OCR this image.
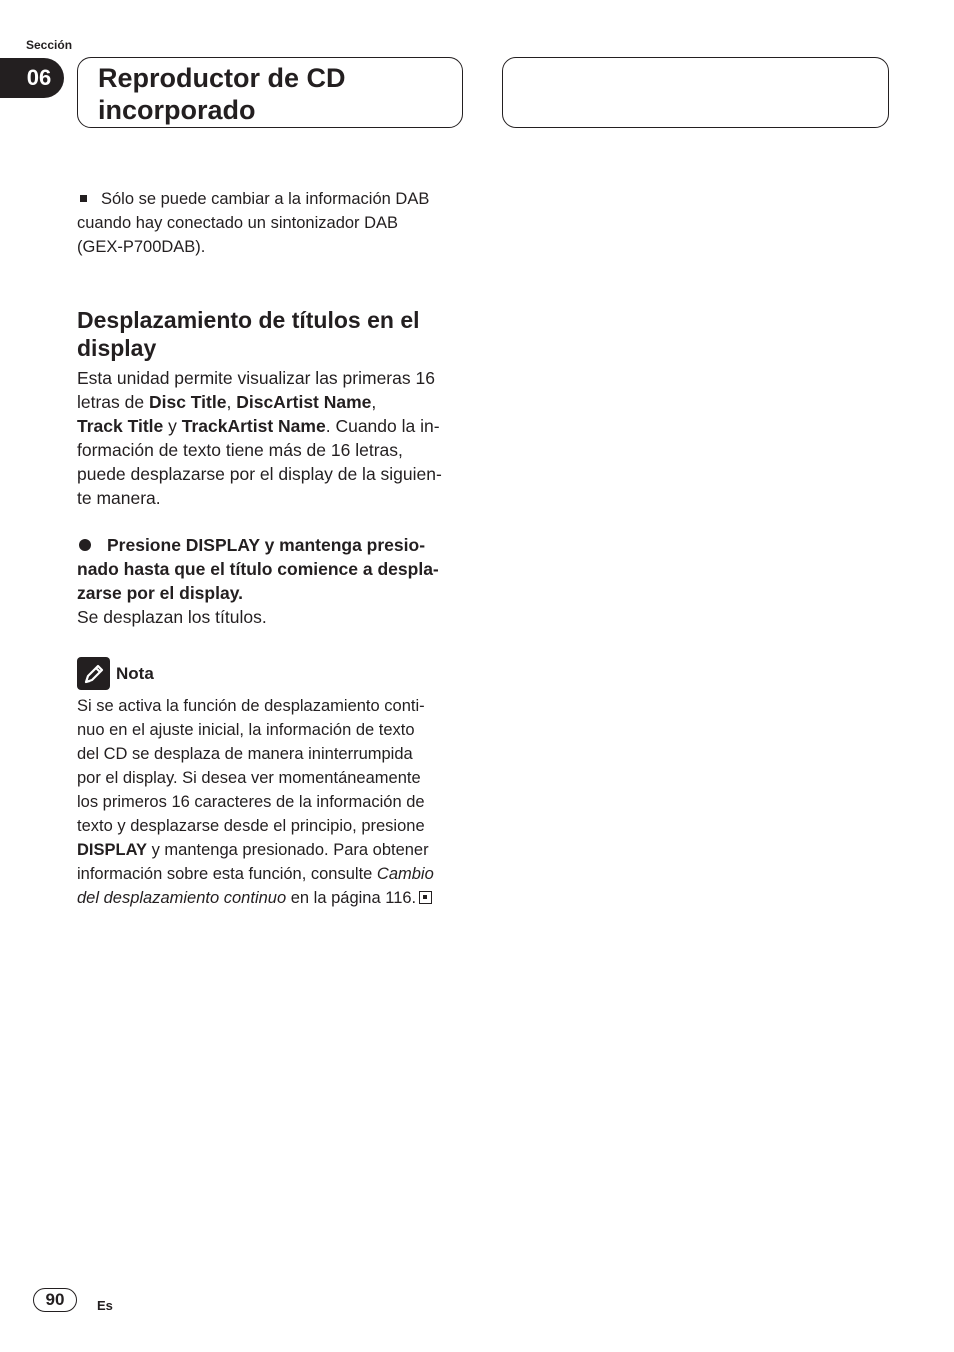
Sección
06	Reproductor de CD
incorporado

Sólo se puede cambiar a la información DAB

cuando hay conectado un sintonizador DAB

(GEX-P700DAB).

Desplazamiento de títulos en el
display

Esta unidad permite visualizar las primeras 16

letras de Disc Title, DiscArtist Name,

Track Title y TrackArtist Name. Cuando la in-

formación de texto tiene más de 16 letras,

puede desplazarse por el display de la siguien-

te manera.

Presione DISPLAY y mantenga presio-

nado hasta que el título comience a despla-

zarse por el display.

Se desplazan los títulos.

Nota

Si se activa la función de desplazamiento conti-

nuo en el ajuste inicial, la información de texto

del CD se desplaza de manera ininterrumpida

por el display. Si desea ver momentáneamente

los primeros 16 caracteres de la información de

texto y desplazarse desde el principio, presione

DISPLAY y mantenga presionado. Para obtener

información sobre esta función, consulte Cambio

del desplazamiento continuo en la página 116.

90	Es
